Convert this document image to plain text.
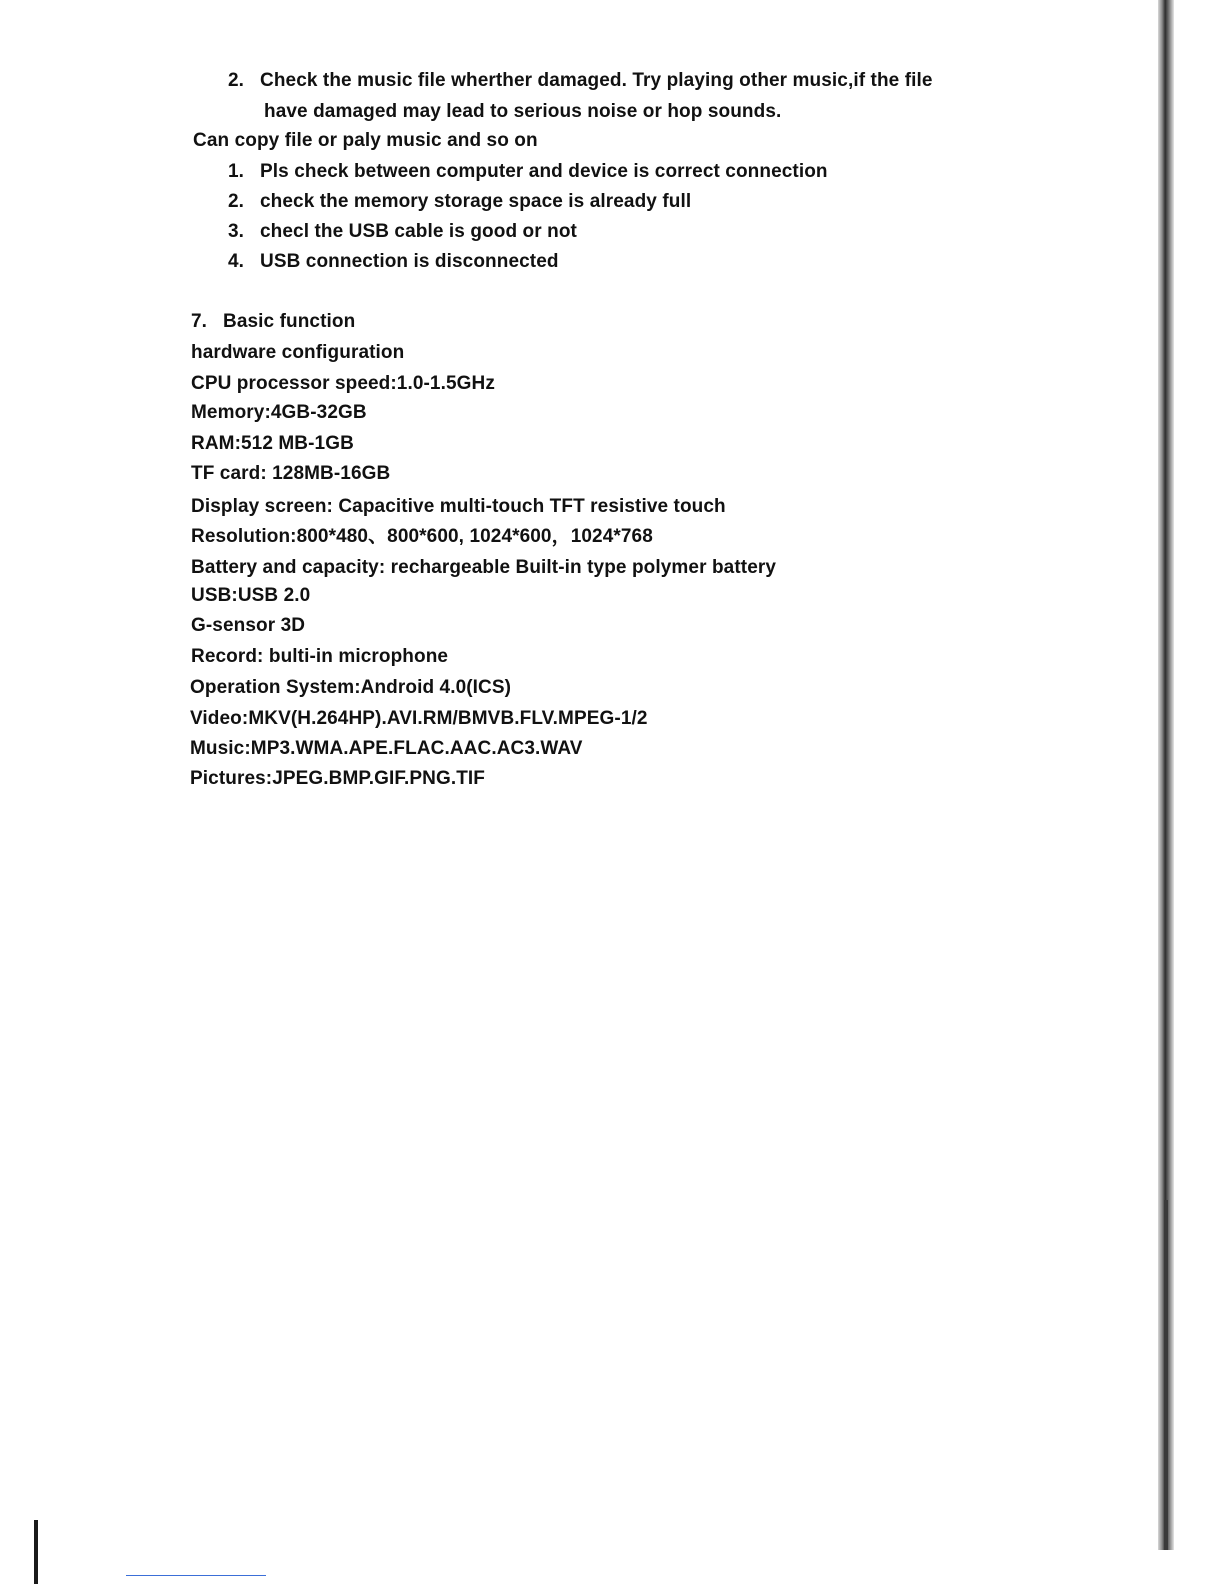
2. Check the music file wherther damaged. Try playing other music,if the file
have damaged may lead to serious noise or hop sounds.
Can copy file or paly music and so on
1. Pls check between computer and device is correct connection
2. check the memory storage space is already full
3. checl the USB cable is good or not
4. USB connection is disconnected
7. Basic function
hardware configuration
CPU processor speed:1.0-1.5GHz
Memory:4GB-32GB
RAM:512 MB-1GB
TF card: 128MB-16GB
Display screen: Capacitive multi-touch TFT resistive touch
Resolution:800*480、800*600, 1024*600，1024*768
Battery and capacity: rechargeable Built-in type polymer battery
USB:USB 2.0
G-sensor 3D
Record: bulti-in microphone
Operation System:Android 4.0(ICS)
Video:MKV(H.264HP).AVI.RM/BMVB.FLV.MPEG-1/2
Music:MP3.WMA.APE.FLAC.AAC.AC3.WAV
Pictures:JPEG.BMP.GIF.PNG.TIF
